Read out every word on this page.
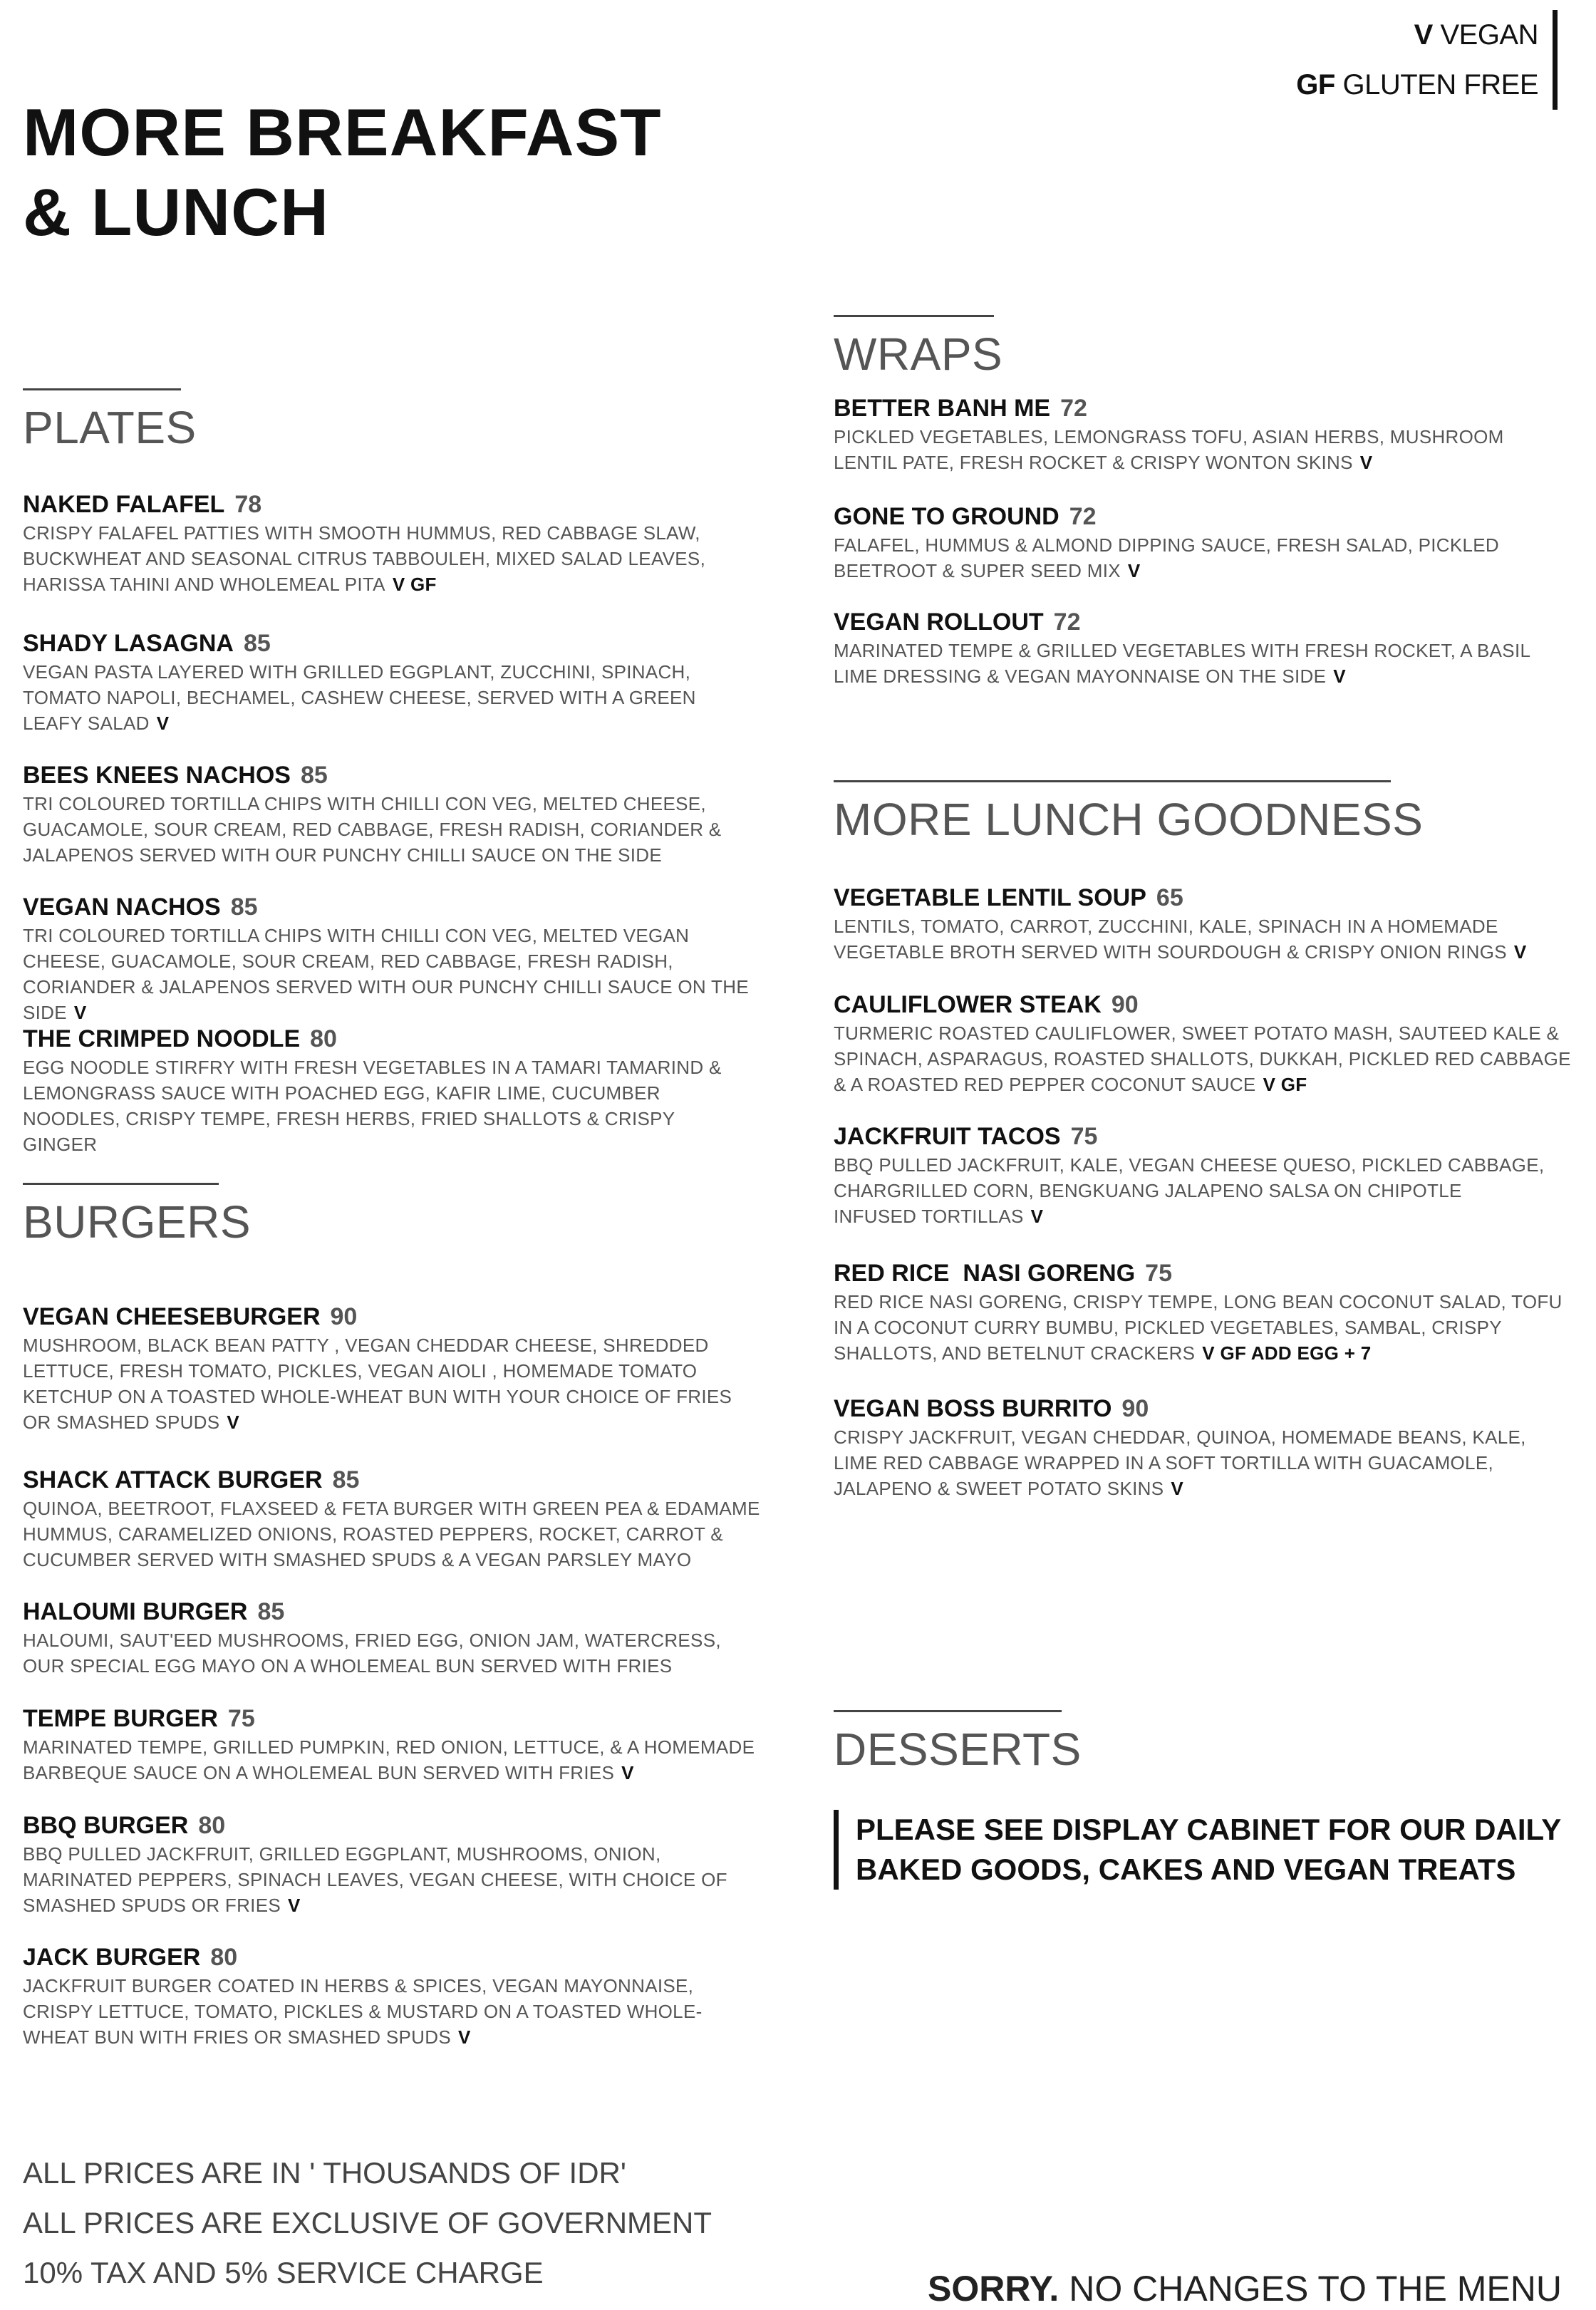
V VEGAN
GF GLUTEN FREE
MORE BREAKFAST
& LUNCH
PLATES
NAKED FALAFEL 78
CRISPY FALAFEL PATTIES WITH SMOOTH HUMMUS, RED CABBAGE SLAW, BUCKWHEAT AND SEASONAL CITRUS TABBOULEH, MIXED SALAD LEAVES, HARISSA TAHINI AND WHOLEMEAL PITA V GF
SHADY LASAGNA 85
VEGAN PASTA LAYERED WITH GRILLED EGGPLANT, ZUCCHINI, SPINACH, TOMATO NAPOLI, BECHAMEL, CASHEW CHEESE, SERVED WITH A GREEN LEAFY SALAD V
BEES KNEES NACHOS 85
TRI COLOURED TORTILLA CHIPS WITH CHILLI CON VEG, MELTED CHEESE, GUACAMOLE, SOUR CREAM, RED CABBAGE, FRESH RADISH, CORIANDER & JALAPENOS SERVED WITH OUR PUNCHY CHILLI SAUCE ON THE SIDE
VEGAN NACHOS 85
TRI COLOURED TORTILLA CHIPS WITH CHILLI CON VEG, MELTED VEGAN CHEESE, GUACAMOLE, SOUR CREAM, RED CABBAGE, FRESH RADISH, CORIANDER & JALAPENOS SERVED WITH OUR PUNCHY CHILLI SAUCE ON THE SIDE V
THE CRIMPED NOODLE 80
EGG NOODLE STIRFRY WITH FRESH VEGETABLES IN A TAMARI TAMARIND & LEMONGRASS SAUCE WITH POACHED EGG, KAFIR LIME, CUCUMBER NOODLES, CRISPY TEMPE, FRESH HERBS, FRIED SHALLOTS & CRISPY GINGER
BURGERS
VEGAN CHEESEBURGER 90
MUSHROOM, BLACK BEAN PATTY , VEGAN CHEDDAR CHEESE, SHREDDED LETTUCE, FRESH TOMATO, PICKLES, VEGAN AIOLI , HOMEMADE TOMATO KETCHUP ON A TOASTED WHOLE-WHEAT BUN WITH YOUR CHOICE OF FRIES OR SMASHED SPUDS V
SHACK ATTACK BURGER 85
QUINOA, BEETROOT, FLAXSEED & FETA BURGER WITH GREEN PEA & EDAMAME HUMMUS, CARAMELIZED ONIONS, ROASTED PEPPERS, ROCKET, CARROT & CUCUMBER SERVED WITH SMASHED SPUDS & A VEGAN PARSLEY MAYO
HALOUMI BURGER 85
HALOUMI, SAUT'EED MUSHROOMS, FRIED EGG, ONION JAM, WATERCRESS, OUR SPECIAL EGG MAYO ON A WHOLEMEAL BUN SERVED WITH FRIES
TEMPE BURGER 75
MARINATED TEMPE, GRILLED PUMPKIN, RED ONION, LETTUCE, & A HOMEMADE BARBEQUE SAUCE ON A WHOLEMEAL BUN SERVED WITH FRIES V
BBQ BURGER 80
BBQ PULLED JACKFRUIT, GRILLED EGGPLANT, MUSHROOMS, ONION, MARINATED PEPPERS, SPINACH LEAVES, VEGAN CHEESE, WITH CHOICE OF SMASHED SPUDS OR FRIES V
JACK BURGER 80
JACKFRUIT BURGER COATED IN HERBS & SPICES, VEGAN MAYONNAISE, CRISPY LETTUCE, TOMATO, PICKLES & MUSTARD ON A TOASTED WHOLE-WHEAT BUN WITH FRIES OR SMASHED SPUDS V
WRAPS
BETTER BANH ME 72
PICKLED VEGETABLES, LEMONGRASS TOFU, ASIAN HERBS, MUSHROOM LENTIL PATE, FRESH ROCKET & CRISPY WONTON SKINS V
GONE TO GROUND 72
FALAFEL, HUMMUS & ALMOND DIPPING SAUCE, FRESH SALAD, PICKLED BEETROOT & SUPER SEED MIX V
VEGAN ROLLOUT 72
MARINATED TEMPE & GRILLED VEGETABLES WITH FRESH ROCKET, A BASIL LIME DRESSING & VEGAN MAYONNAISE ON THE SIDE V
MORE LUNCH GOODNESS
VEGETABLE LENTIL SOUP 65
LENTILS, TOMATO, CARROT, ZUCCHINI, KALE, SPINACH IN A HOMEMADE VEGETABLE BROTH SERVED WITH SOURDOUGH & CRISPY ONION RINGS V
CAULIFLOWER STEAK 90
TURMERIC ROASTED CAULIFLOWER, SWEET POTATO MASH, SAUTEED KALE & SPINACH, ASPARAGUS, ROASTED SHALLOTS, DUKKAH, PICKLED RED CABBAGE & A ROASTED RED PEPPER COCONUT SAUCE V GF
JACKFRUIT TACOS 75
BBQ PULLED JACKFRUIT, KALE, VEGAN CHEESE QUESO, PICKLED CABBAGE, CHARGRILLED CORN, BENGKUANG JALAPENO SALSA ON CHIPOTLE INFUSED TORTILLAS V
RED RICE  NASI GORENG 75
RED RICE NASI GORENG, CRISPY TEMPE, LONG BEAN COCONUT SALAD, TOFU IN A COCONUT CURRY BUMBU, PICKLED VEGETABLES, SAMBAL, CRISPY SHALLOTS, AND BETELNUT CRACKERS V GF ADD EGG + 7
VEGAN BOSS BURRITO 90
CRISPY JACKFRUIT, VEGAN CHEDDAR, QUINOA, HOMEMADE BEANS, KALE, LIME RED CABBAGE WRAPPED IN A SOFT TORTILLA WITH GUACAMOLE, JALAPENO & SWEET POTATO SKINS V
DESSERTS
PLEASE SEE DISPLAY CABINET FOR OUR DAILY BAKED GOODS, CAKES AND VEGAN TREATS
ALL PRICES ARE IN ' THOUSANDS OF IDR'
ALL PRICES ARE EXCLUSIVE OF GOVERNMENT
10% TAX AND 5% SERVICE CHARGE	SORRY. NO CHANGES TO THE MENU
